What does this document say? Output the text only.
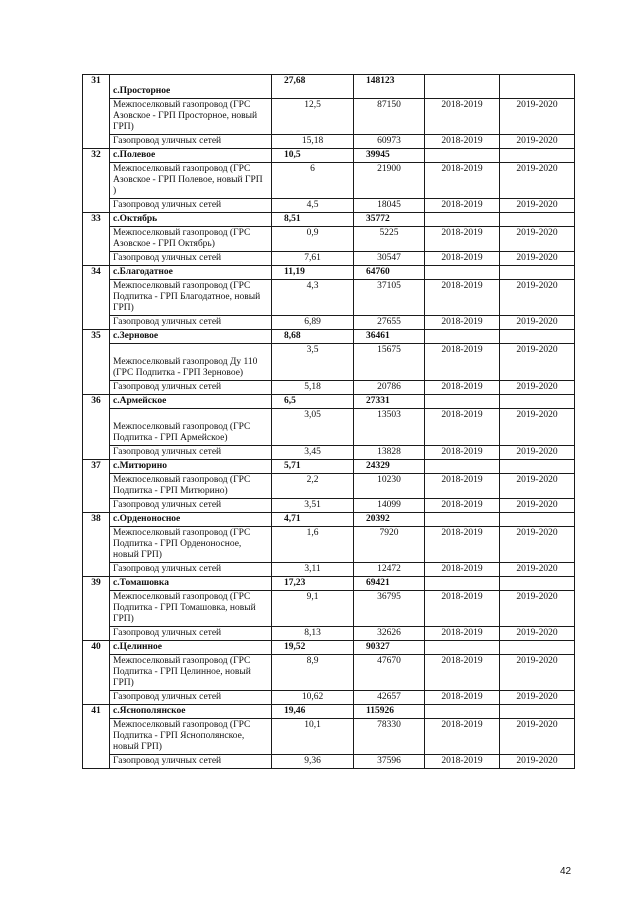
31	с.Просторное	27,68	148123		
	Межпоселковый газопровод (ГРС Азовское - ГРП Просторное, новый ГРП)	12,5	87150	2018-2019	2019-2020
	Газопровод уличных сетей	15,18	60973	2018-2019	2019-2020
32	с.Полевое	10,5	39945		
	Межпоселковый газопровод (ГРС Азовское - ГРП Полевое, новый ГРП )	6	21900	2018-2019	2019-2020
	Газопровод уличных сетей	4,5	18045	2018-2019	2019-2020
33	с.Октябрь	8,51	35772		
	Межпоселковый газопровод (ГРС Азовское - ГРП Октябрь)	0,9	5225	2018-2019	2019-2020
	Газопровод уличных сетей	7,61	30547	2018-2019	2019-2020
34	с.Благодатное	11,19	64760		
	Межпоселковый газопровод (ГРС Подпитка - ГРП Благодатное, новый ГРП)	4,3	37105	2018-2019	2019-2020
	Газопровод уличных сетей	6,89	27655	2018-2019	2019-2020
35	с.Зерновое	8,68	36461		
	Межпоселковый газопровод Ду 110 (ГРС Подпитка - ГРП Зерновое)	3,5	15675	2018-2019	2019-2020
	Газопровод уличных сетей	5,18	20786	2018-2019	2019-2020
36	с.Армейское	6,5	27331		
	Межпоселковый газопровод (ГРС Подпитка - ГРП Армейское)	3,05	13503	2018-2019	2019-2020
	Газопровод уличных сетей	3,45	13828	2018-2019	2019-2020
37	с.Митюрино	5,71	24329		
	Межпоселковый газопровод (ГРС Подпитка - ГРП Митюрино)	2,2	10230	2018-2019	2019-2020
	Газопровод уличных сетей	3,51	14099	2018-2019	2019-2020
38	с.Орденоносное	4,71	20392		
	Межпоселковый газопровод (ГРС Подпитка - ГРП Орденоносное, новый ГРП)	1,6	7920	2018-2019	2019-2020
	Газопровод уличных сетей	3,11	12472	2018-2019	2019-2020
39	с.Томашовка	17,23	69421		
	Межпоселковый газопровод (ГРС Подпитка - ГРП Томашовка, новый ГРП)	9,1	36795	2018-2019	2019-2020
	Газопровод уличных сетей	8,13	32626	2018-2019	2019-2020
40	с.Целинное	19,52	90327		
	Межпоселковый газопровод (ГРС Подпитка - ГРП Целинное, новый ГРП)	8,9	47670	2018-2019	2019-2020
	Газопровод уличных сетей	10,62	42657	2018-2019	2019-2020
41	с.Яснополянское	19,46	115926		
	Межпоселковый газопровод (ГРС Подпитка - ГРП Яснополянское, новый ГРП)	10,1	78330	2018-2019	2019-2020
	Газопровод уличных сетей	9,36	37596	2018-2019	2019-2020
42
